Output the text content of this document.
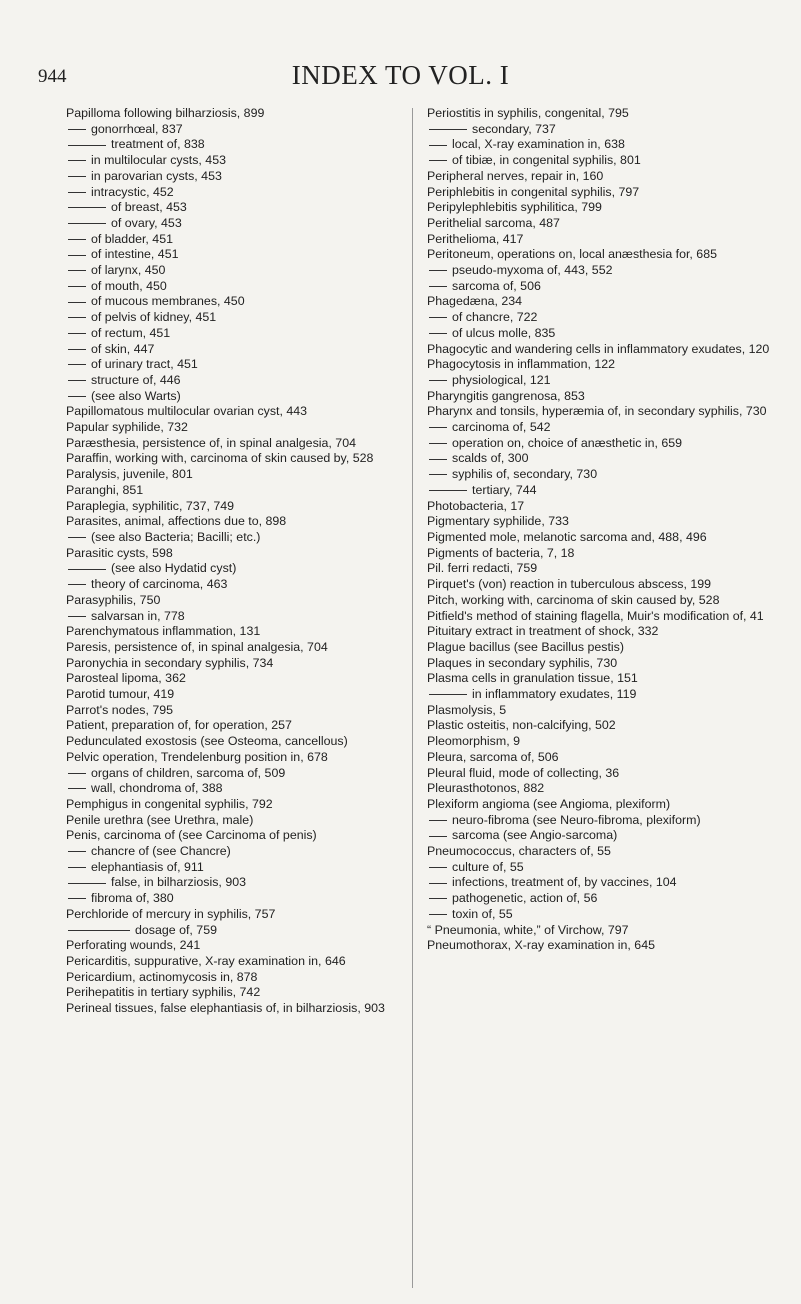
944	INDEX TO VOL. I

Papilloma following bilharziosis, 899

gonorrhœal, 837

treatment of, 838

in multilocular cysts, 453

in parovarian cysts, 453

intracystic, 452

of breast, 453

of ovary, 453

of bladder, 451

of intestine, 451

of larynx, 450

of mouth, 450

of mucous membranes, 450

of pelvis of kidney, 451

of rectum, 451

of skin, 447

of urinary tract, 451

structure of, 446

(see also Warts)

Papillomatous multilocular ovarian cyst, 443

Papular syphilide, 732

Paræsthesia, persistence of, in spinal analgesia, 704

Paraffin, working with, carcinoma of skin caused by, 528

Paralysis, juvenile, 801

Paranghi, 851

Paraplegia, syphilitic, 737, 749

Parasites, animal, affections due to, 898

(see also Bacteria; Bacilli; etc.)

Parasitic cysts, 598

(see also Hydatid cyst)

theory of carcinoma, 463

Parasyphilis, 750

salvarsan in, 778

Parenchymatous inflammation, 131

Paresis, persistence of, in spinal analgesia, 704

Paronychia in secondary syphilis, 734

Parosteal lipoma, 362

Parotid tumour, 419

Parrot's nodes, 795

Patient, preparation of, for operation, 257

Pedunculated exostosis (see Osteoma, cancellous)

Pelvic operation, Trendelenburg position in, 678

organs of children, sarcoma of, 509

wall, chondroma of, 388

Pemphigus in congenital syphilis, 792

Penile urethra (see Urethra, male)

Penis, carcinoma of (see Carcinoma of penis)

chancre of (see Chancre)

elephantiasis of, 911

false, in bilharziosis, 903

fibroma of, 380

Perchloride of mercury in syphilis, 757

dosage of, 759

Perforating wounds, 241

Pericarditis, suppurative, X-ray examination in, 646

Pericardium, actinomycosis in, 878

Perihepatitis in tertiary syphilis, 742

Perineal tissues, false elephantiasis of, in bilharziosis, 903

Periostitis in syphilis, congenital, 795

secondary, 737

local, X-ray examination in, 638

of tibiæ, in congenital syphilis, 801

Peripheral nerves, repair in, 160

Periphlebitis in congenital syphilis, 797

Peripylephlebitis syphilitica, 799

Perithelial sarcoma, 487

Perithelioma, 417

Peritoneum, operations on, local anæsthesia for, 685

pseudo-myxoma of, 443, 552

sarcoma of, 506

Phagedæna, 234

of chancre, 722

of ulcus molle, 835

Phagocytic and wandering cells in inflammatory exudates, 120

Phagocytosis in inflammation, 122

physiological, 121

Pharyngitis gangrenosa, 853

Pharynx and tonsils, hyperæmia of, in secondary syphilis, 730

carcinoma of, 542

operation on, choice of anæsthetic in, 659

scalds of, 300

syphilis of, secondary, 730

tertiary, 744

Photobacteria, 17

Pigmentary syphilide, 733

Pigmented mole, melanotic sarcoma and, 488, 496

Pigments of bacteria, 7, 18

Pil. ferri redacti, 759

Pirquet's (von) reaction in tuberculous abscess, 199

Pitch, working with, carcinoma of skin caused by, 528

Pitfield's method of staining flagella, Muir's modification of, 41

Pituitary extract in treatment of shock, 332

Plague bacillus (see Bacillus pestis)

Plaques in secondary syphilis, 730

Plasma cells in granulation tissue, 151

in inflammatory exudates, 119

Plasmolysis, 5

Plastic osteitis, non-calcifying, 502

Pleomorphism, 9

Pleura, sarcoma of, 506

Pleural fluid, mode of collecting, 36

Pleurasthotonos, 882

Plexiform angioma (see Angioma, plexiform)

neuro-fibroma (see Neuro-fibroma, plexiform)

sarcoma (see Angio-sarcoma)

Pneumococcus, characters of, 55

culture of, 55

infections, treatment of, by vaccines, 104

pathogenetic, action of, 56

toxin of, 55

“ Pneumonia, white,” of Virchow, 797

Pneumothorax, X-ray examination in, 645
